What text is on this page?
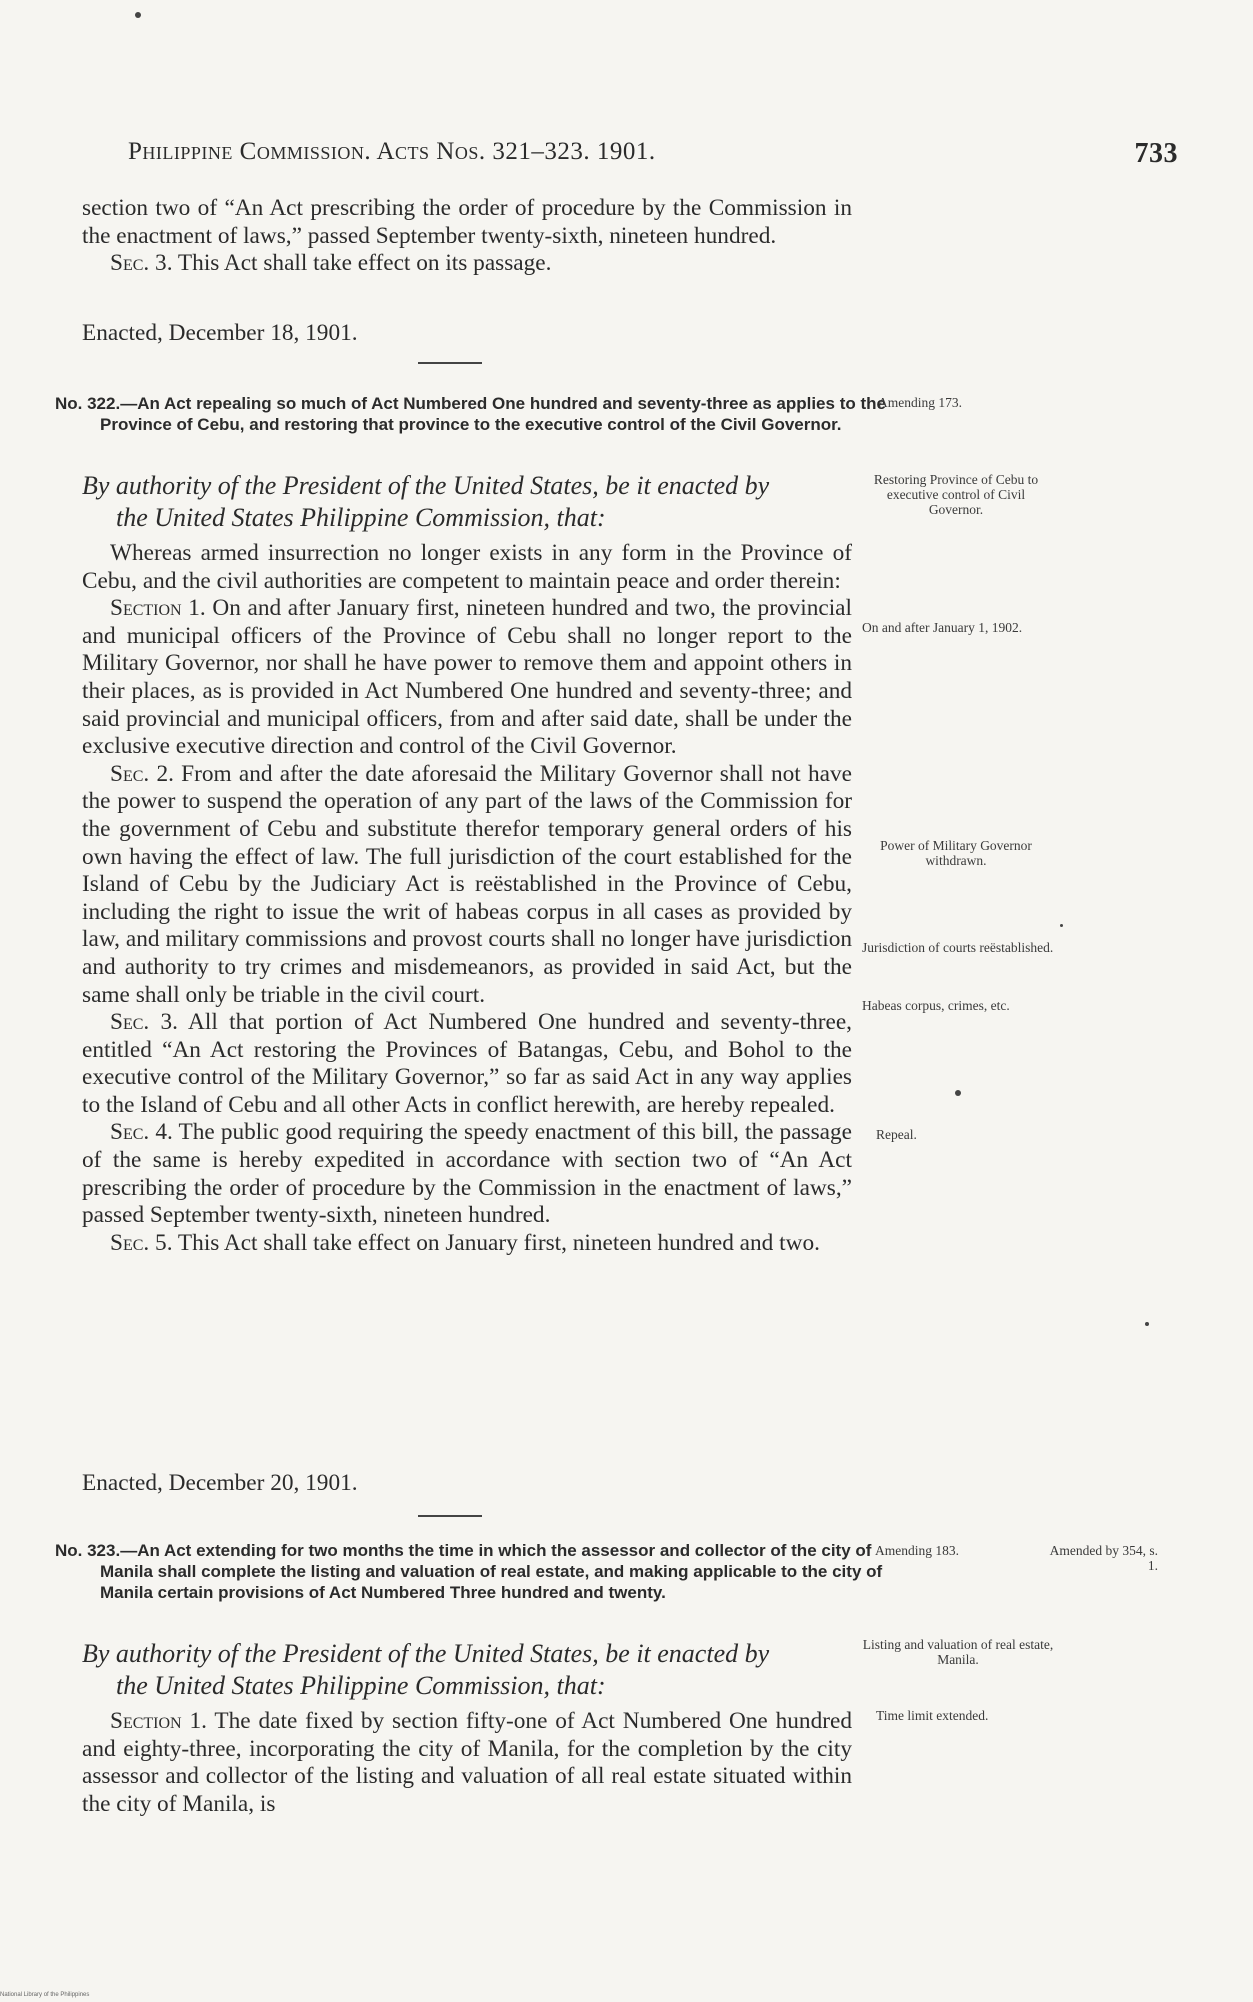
Philippine Commission. Acts Nos. 321–323. 1901.	733

section two of “An Act prescribing the order of procedure by the Commission in the enactment of laws,” passed September twenty-sixth, nineteen hundred.

Sec. 3. This Act shall take effect on its passage.

Enacted, December 18, 1901.
No. 322.—An Act repealing so much of Act Numbered One hundred and seventy-three as applies to the Province of Cebu, and restoring that province to the executive control of the Civil Governor.
By authority of the President of the United States, be it enacted by
the United States Philippine Commission, that:

Whereas armed insurrection no longer exists in any form in the Province of Cebu, and the civil authorities are competent to maintain peace and order therein:

Section 1. On and after January first, nineteen hundred and two, the provincial and municipal officers of the Province of Cebu shall no longer report to the Military Governor, nor shall he have power to remove them and appoint others in their places, as is provided in Act Numbered One hundred and seventy-three; and said provincial and municipal officers, from and after said date, shall be under the exclusive executive direction and control of the Civil Governor.

Sec. 2. From and after the date aforesaid the Military Governor shall not have the power to suspend the operation of any part of the laws of the Commission for the government of Cebu and substitute therefor temporary general orders of his own having the effect of law. The full jurisdiction of the court established for the Island of Cebu by the Judiciary Act is reëstablished in the Province of Cebu, including the right to issue the writ of habeas corpus in all cases as provided by law, and military commissions and provost courts shall no longer have jurisdiction and authority to try crimes and misdemeanors, as provided in said Act, but the same shall only be triable in the civil court.

Sec. 3. All that portion of Act Numbered One hundred and seventy-three, entitled “An Act restoring the Provinces of Batangas, Cebu, and Bohol to the executive control of the Military Governor,” so far as said Act in any way applies to the Island of Cebu and all other Acts in conflict herewith, are hereby repealed.

Sec. 4. The public good requiring the speedy enactment of this bill, the passage of the same is hereby expedited in accordance with section two of “An Act prescribing the order of procedure by the Commission in the enactment of laws,” passed September twenty-sixth, nineteen hundred.

Sec. 5. This Act shall take effect on January first, nineteen hundred and two.

Enacted, December 20, 1901.
No. 323.—An Act extending for two months the time in which the assessor and collector of the city of Manila shall complete the listing and valuation of real estate, and making applicable to the city of Manila certain provisions of Act Numbered Three hundred and twenty.
By authority of the President of the United States, be it enacted by
the United States Philippine Commission, that:

Section 1. The date fixed by section fifty-one of Act Numbered One hundred and eighty-three, incorporating the city of Manila, for the completion by the city assessor and collector of the listing and valuation of all real estate situated within the city of Manila, is

Amending 173.
Restoring Province of Cebu to executive control of Civil Governor.
On and after January 1, 1902.
Power of Military Governor withdrawn.
Jurisdiction of courts reëstablished.
Habeas corpus, crimes, etc.
Repeal.
Amending 183.	Amended by 354, s. 1.
Listing and valuation of real estate, Manila.
Time limit extended.
National Library of the Philippines
